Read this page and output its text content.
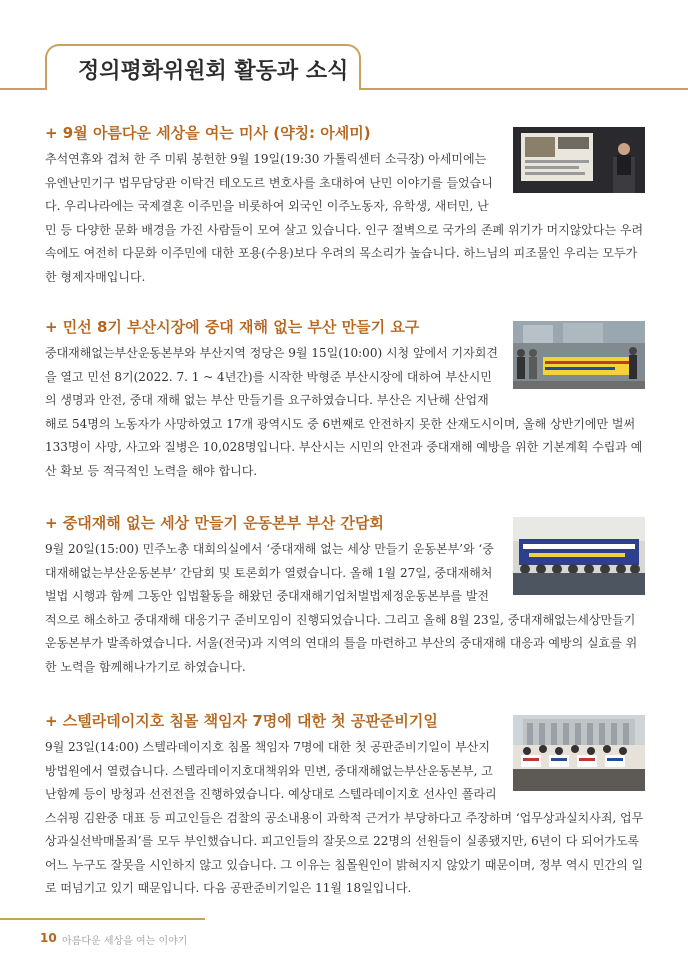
정의평화위원회 활동과 소식
+ 9월 아름다운 세상을 여는 미사 (약칭: 아세미)
추석연휴와 겹쳐 한 주 미뤄 봉헌한 9월 19일(19:30 가톨릭센터 소극장) 아세미에는 유엔난민기구 법무담당관 이탁건 테오도르 변호사를 초대하여 난민 이야기를 들었습니다. 우리나라에는 국제결혼 이주민을 비롯하여 외국인 이주노동자, 유학생, 새터민, 난민 등 다양한 문화 배경을 가진 사람들이 모여 살고 있습니다. 인구 절벽으로 국가의 존폐 위기가 머지않았다는 우려 속에도 여전히 다문화 이주민에 대한 포용(수용)보다 우려의 목소리가 높습니다. 하느님의 피조물인 우리는 모두가 한 형제자매입니다.
+ 민선 8기 부산시장에 중대 재해 없는 부산 만들기 요구
중대재해없는부산운동본부와 부산지역 정당은 9월 15일(10:00) 시청 앞에서 기자회견을 열고 민선 8기(2022. 7. 1 ~ 4년간)를 시작한 박형준 부산시장에 대하여 부산시민의 생명과 안전, 중대 재해 없는 부산 만들기를 요구하였습니다. 부산은 지난해 산업재해로 54명의 노동자가 사망하였고 17개 광역시도 중 6번째로 안전하지 못한 산재도시이며, 올해 상반기에만 벌써 133명이 사망, 사고와 질병은 10,028명입니다. 부산시는 시민의 안전과 중대재해 예방을 위한 기본계획 수립과 예산 확보 등 적극적인 노력을 해야 합니다.
+ 중대재해 없는 세상 만들기 운동본부 부산 간담회
9월 20일(15:00) 민주노총 대회의실에서 ‘중대재해 없는 세상 만들기 운동본부’와 ‘중대재해없는부산운동본부’ 간담회 및 토론회가 열렸습니다. 올해 1월 27일, 중대재해처벌법 시행과 함께 그동안 입법활동을 해왔던 중대재해기업처벌법제정운동본부를 발전적으로 해소하고 중대재해 대응기구 준비모임이 진행되었습니다. 그리고 올해 8월 23일, 중대재해없는세상만들기운동본부가 발족하였습니다. 서울(전국)과 지역의 연대의 틀을 마련하고 부산의 중대재해 대응과 예방의 실효를 위한 노력을 함께해나가기로 하였습니다.
+ 스텔라데이지호 침몰 책임자 7명에 대한 첫 공판준비기일
9월 23일(14:00) 스텔라데이지호 침몰 책임자 7명에 대한 첫 공판준비기일이 부산지방법원에서 열렸습니다. 스텔라데이지호대책위와 민변, 중대재해없는부산운동본부, 고난함께 등이 방청과 선전전을 진행하였습니다. 예상대로 스텔라데이지호 선사인 폴라리스쉬핑 김완중 대표 등 피고인들은 검찰의 공소내용이 과학적 근거가 부당하다고 주장하며 ‘업무상과실치사죄, 업무상과실선박매몰죄’를 모두 부인했습니다. 피고인들의 잘못으로 22명의 선원들이 실종됐지만, 6년이 다 되어가도록 어느 누구도 잘못을 시인하지 않고 있습니다. 그 이유는 침몰원인이 밝혀지지 않았기 때문이며, 정부 역시 민간의 일로 떠넘기고 있기 때문입니다. 다음 공판준비기일은 11월 18일입니다.
10 아름다운 세상을 여는 이야기
